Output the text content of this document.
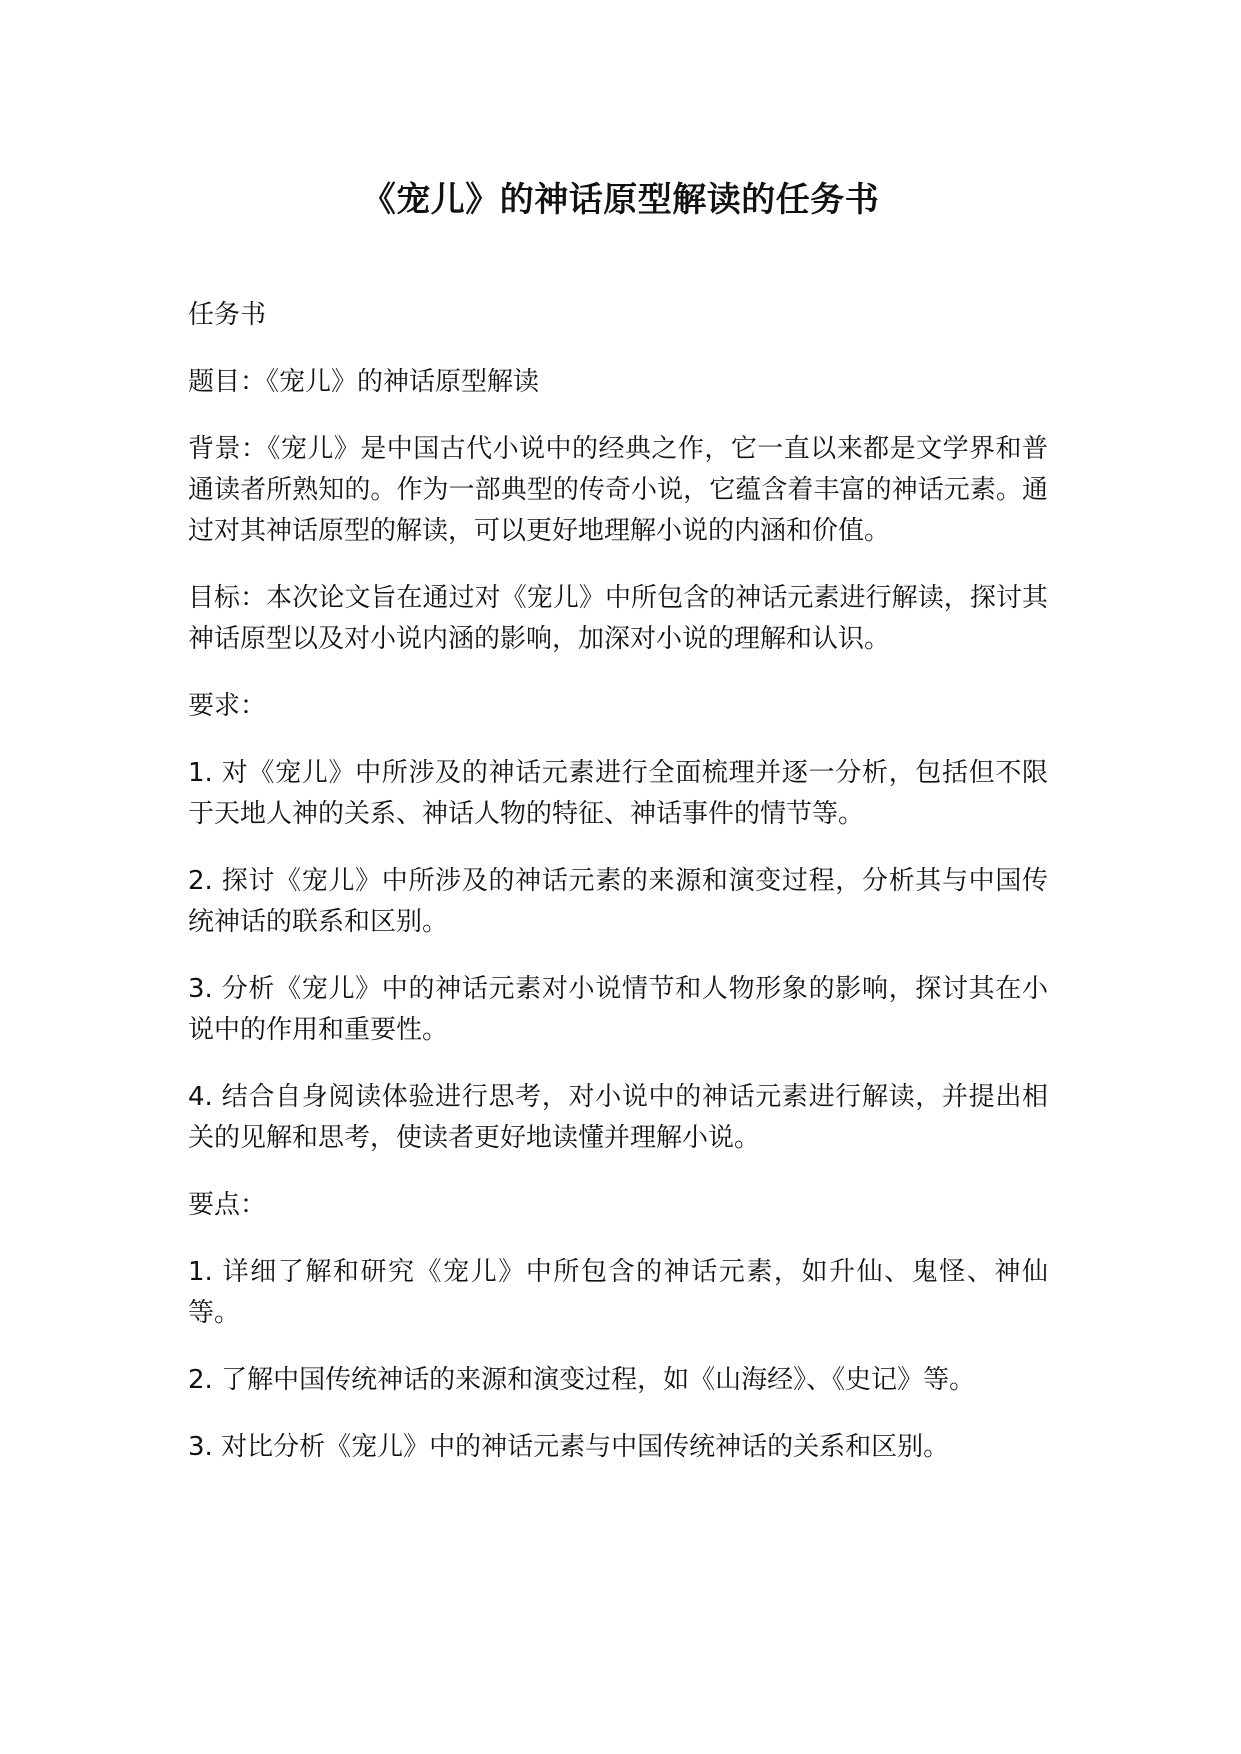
《宠儿》的神话原型解读的任务书

任务书

题目：《宠儿》的神话原型解读

背景：《宠儿》是中国古代小说中的经典之作，它一直以来都是文学界和普通读者所熟知的。作为一部典型的传奇小说，它蕴含着丰富的神话元素。通过对其神话原型的解读，可以更好地理解小说的内涵和价值。

目标：本次论文旨在通过对《宠儿》中所包含的神话元素进行解读，探讨其神话原型以及对小说内涵的影响，加深对小说的理解和认识。

要求：

1. 对《宠儿》中所涉及的神话元素进行全面梳理并逐一分析，包括但不限于天地人神的关系、神话人物的特征、神话事件的情节等。

2. 探讨《宠儿》中所涉及的神话元素的来源和演变过程，分析其与中国传统神话的联系和区别。

3. 分析《宠儿》中的神话元素对小说情节和人物形象的影响，探讨其在小说中的作用和重要性。

4. 结合自身阅读体验进行思考，对小说中的神话元素进行解读，并提出相关的见解和思考，使读者更好地读懂并理解小说。

要点：

1. 详细了解和研究《宠儿》中所包含的神话元素，如升仙、鬼怪、神仙等。

2. 了解中国传统神话的来源和演变过程，如《山海经》、《史记》等。

3. 对比分析《宠儿》中的神话元素与中国传统神话的关系和区别。
